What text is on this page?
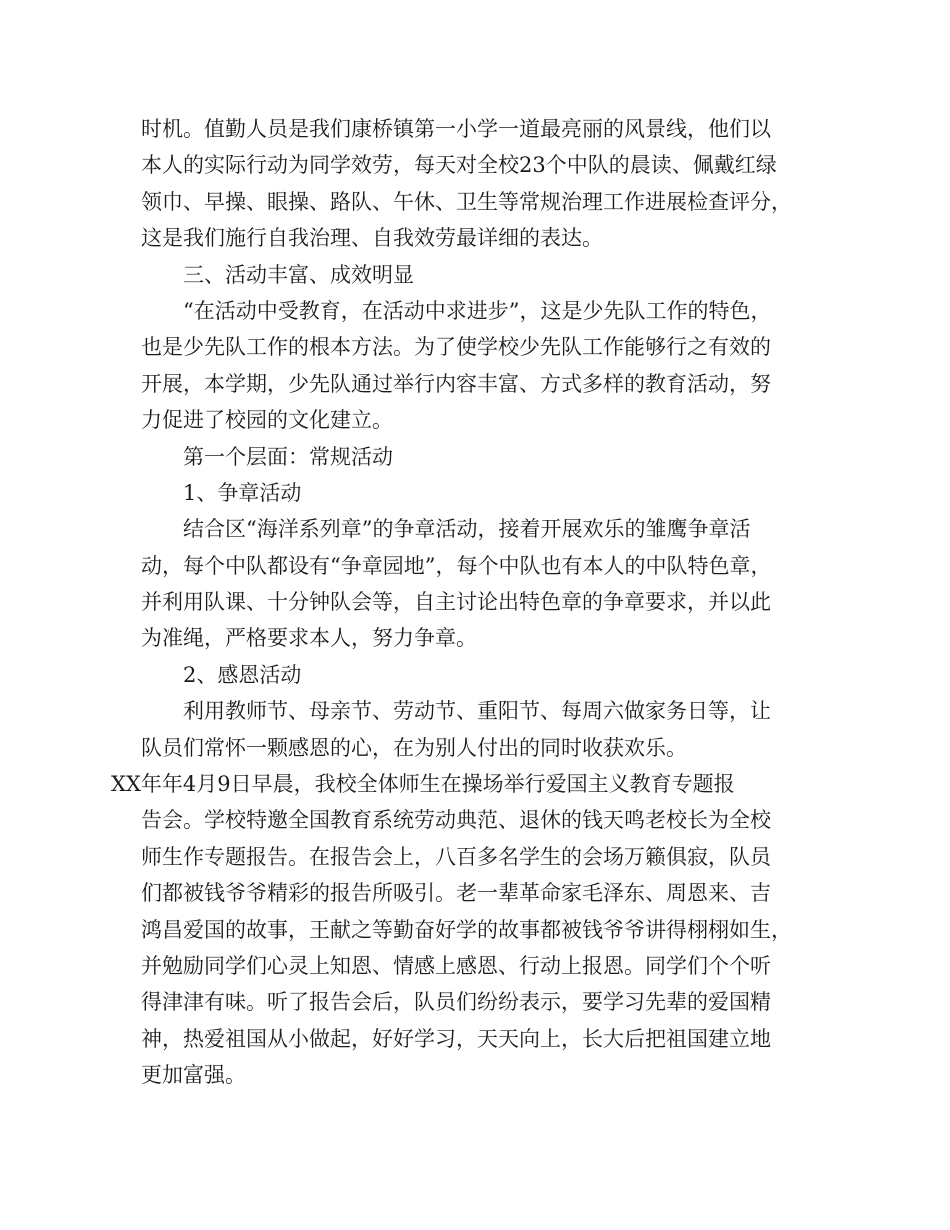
时机。值勤人员是我们康桥镇第一小学一道最亮丽的风景线，他们以
本人的实际行动为同学效劳，每天对全校23个中队的晨读、佩戴红绿
领巾、早操、眼操、路队、午休、卫生等常规治理工作进展检查评分，
这是我们施行自我治理、自我效劳最详细的表达。
三、活动丰富、成效明显
“在活动中受教育，在活动中求进步”，这是少先队工作的特色，
也是少先队工作的根本方法。为了使学校少先队工作能够行之有效的
开展，本学期，少先队通过举行内容丰富、方式多样的教育活动，努
力促进了校园的文化建立。
第一个层面：常规活动
1、争章活动
结合区“海洋系列章”的争章活动，接着开展欢乐的雏鹰争章活
动，每个中队都设有“争章园地”，每个中队也有本人的中队特色章，
并利用队课、十分钟队会等，自主讨论出特色章的争章要求，并以此
为准绳，严格要求本人，努力争章。
2、感恩活动
利用教师节、母亲节、劳动节、重阳节、每周六做家务日等，让
队员们常怀一颗感恩的心，在为别人付出的同时收获欢乐。
XX年年4月9日早晨，我校全体师生在操场举行爱国主义教育专题报
告会。学校特邀全国教育系统劳动典范、退休的钱天鸣老校长为全校
师生作专题报告。在报告会上，八百多名学生的会场万籁俱寂，队员
们都被钱爷爷精彩的报告所吸引。老一辈革命家毛泽东、周恩来、吉
鸿昌爱国的故事，王献之等勤奋好学的故事都被钱爷爷讲得栩栩如生，
并勉励同学们心灵上知恩、情感上感恩、行动上报恩。同学们个个听
得津津有味。听了报告会后，队员们纷纷表示，要学习先辈的爱国精
神，热爱祖国从小做起，好好学习，天天向上，长大后把祖国建立地
更加富强。
